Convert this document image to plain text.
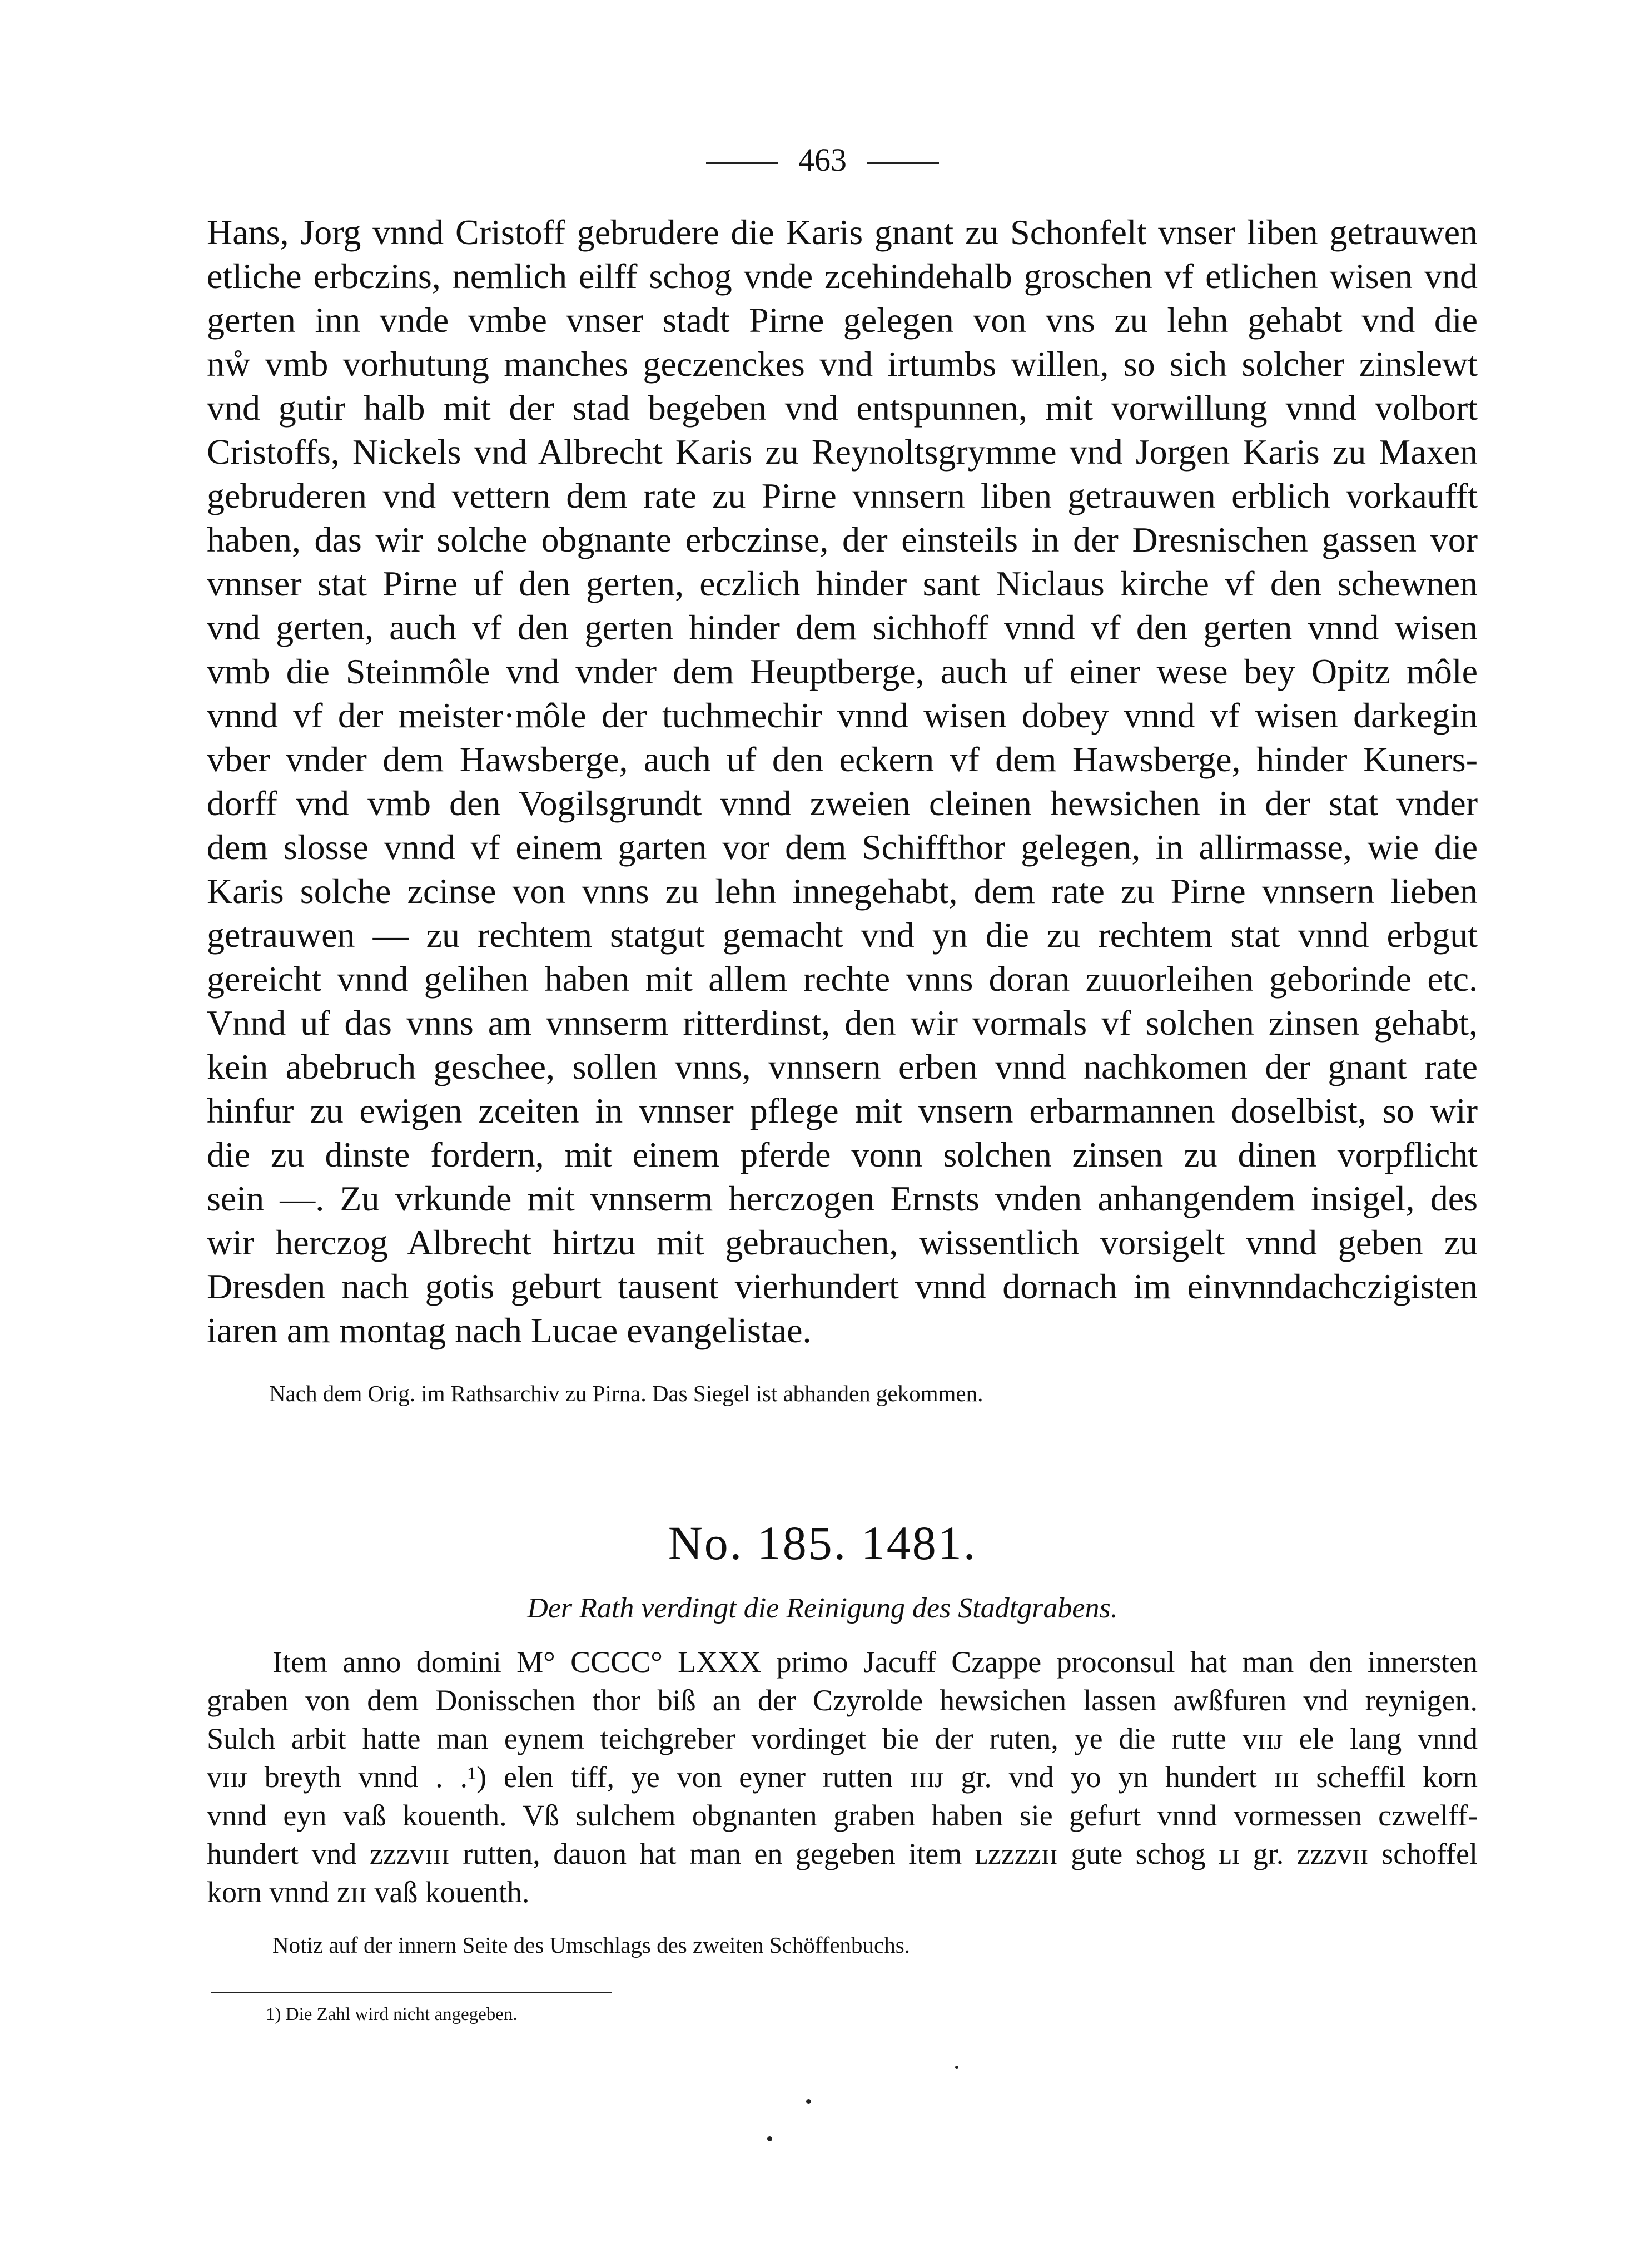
463
Hans, Jorg vnnd Cristoff gebrudere die Karis gnant zu Schonfelt vnser liben getrauwen
etliche erbczins, nemlich eilff schog vnde zcehindehalb groschen vf etlichen wisen vnd
gerten inn vnde vmbe vnser stadt Pirne gelegen von vns zu lehn gehabt vnd die
nẘ vmb vorhutung manches geczenckes vnd irtumbs willen, so sich solcher zinslewt
vnd gutir halb mit der stad begeben vnd entspunnen, mit vorwillung vnnd volbort
Cristoffs, Nickels vnd Albrecht Karis zu Reynoltsgrymme vnd Jorgen Karis zu Maxen
gebruderen vnd vettern dem rate zu Pirne vnnsern liben getrauwen erblich vorkaufft
haben, das wir solche obgnante erbczinse, der einsteils in der Dresnischen gassen vor
vnnser stat Pirne uf den gerten, eczlich hinder sant Niclaus kirche vf den schewnen
vnd gerten, auch vf den gerten hinder dem sichhoff vnnd vf den gerten vnnd wisen
vmb die Steinmôle vnd vnder dem Heuptberge, auch uf einer wese bey Opitz môle
vnnd vf der meister·môle der tuchmechir vnnd wisen dobey vnnd vf wisen darkegin
vber vnder dem Hawsberge, auch uf den eckern vf dem Hawsberge, hinder Kuners-
dorff vnd vmb den Vogilsgrundt vnnd zweien cleinen hewsichen in der stat vnder
dem slosse vnnd vf einem garten vor dem Schiffthor gelegen, in allirmasse, wie die
Karis solche zcinse von vnns zu lehn innegehabt, dem rate zu Pirne vnnsern lieben
getrauwen — zu rechtem statgut gemacht vnd yn die zu rechtem stat vnnd erbgut
gereicht vnnd gelihen haben mit allem rechte vnns doran zuuorleihen geborinde etc.
Vnnd uf das vnns am vnnserm ritterdinst, den wir vormals vf solchen zinsen gehabt,
kein abebruch geschee, sollen vnns, vnnsern erben vnnd nachkomen der gnant rate
hinfur zu ewigen zceiten in vnnser pflege mit vnsern erbarmannen doselbist, so wir
die zu dinste fordern, mit einem pferde vonn solchen zinsen zu dinen vorpflicht
sein —. Zu vrkunde mit vnnserm herczogen Ernsts vnden anhangendem insigel, des
wir herczog Albrecht hirtzu mit gebrauchen, wissentlich vorsigelt vnnd geben zu
Dresden nach gotis geburt tausent vierhundert vnnd dornach im einvnndachczigisten
iaren am montag nach Lucae evangelistae.
Nach dem Orig. im Rathsarchiv zu Pirna. Das Siegel ist abhanden gekommen.
No. 185. 1481.
Der Rath verdingt die Reinigung des Stadtgrabens.
Item anno domini M° CCCC° LXXX primo Jacuff Czappe proconsul hat man den innersten
graben von dem Donisschen thor biß an der Czyrolde hewsichen lassen awßfuren vnd reynigen.
Sulch arbit hatte man eynem teichgreber vordinget bie der ruten, ye die rutte ᴠɪɪᴊ ele lang vnnd
ᴠɪɪᴊ breyth vnnd . .¹) elen tiff, ye von eyner rutten ɪɪɪᴊ gr. vnd yo yn hundert ɪɪɪ scheffil korn
vnnd eyn vaß kouenth. Vß sulchem obgnanten graben haben sie gefurt vnnd vormessen czwelff-
hundert vnd ᴢᴢᴢᴠɪɪɪ rutten, dauon hat man en gegeben item ʟᴢᴢᴢᴢɪɪ gute schog ʟɪ gr. ᴢᴢᴢᴠɪɪ schoffel
korn vnnd ᴢɪɪ vaß kouenth.
Notiz auf der innern Seite des Umschlags des zweiten Schöffenbuchs.
1) Die Zahl wird nicht angegeben.
